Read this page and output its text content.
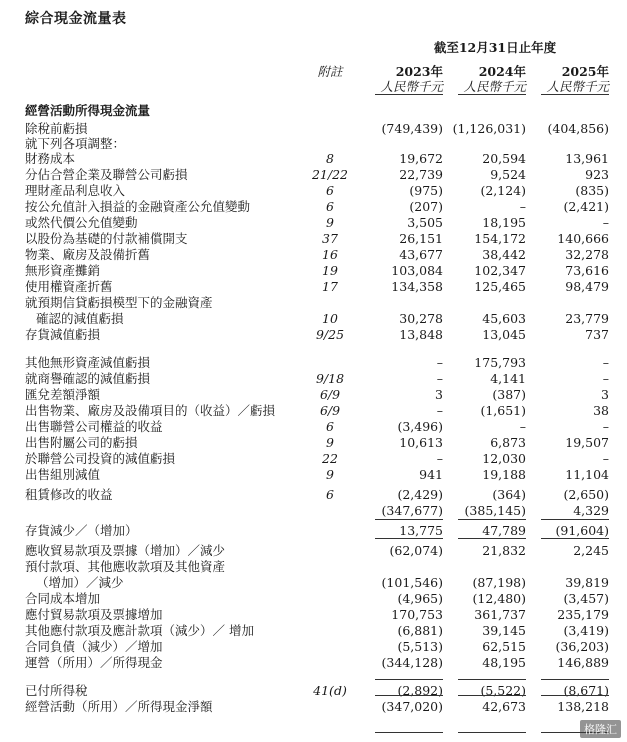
綜合現金流量表
截至12月31日止年度
附註	2023年	2024年	2025年
人民幣千元	人民幣千元	人民幣千元
經營活動所得現金流量
除稅前虧損	(749,439) (1,126,031)	(404,856)
就下列各項調整：
財務成本	8	19,672	20,594	13,961
分佔合營企業及聯營公司虧損	21/22	22,739	9,524	923
理財產品利息收入	6	(975)	(2,124)	(835)
按公允值計入損益的金融資產公允值變動	6	(207)	–	(2,421)
或然代價公允值變動	9	3,505	18,195	–
以股份為基礎的付款補償開支	37	26,151	154,172	140,666
物業、廠房及設備折舊	16	43,677	38,442	32,278
無形資產攤銷	19	103,084	102,347	73,616
使用權資產折舊	17	134,358	125,465	98,479
就預期信貸虧損模型下的金融資產
確認的減值虧損	10	30,278	45,603	23,779
存貨減值虧損	9/25	13,848	13,045	737
其他無形資產減值虧損	–	175,793	–
就商譽確認的減值虧損	9/18	–	4,141	–
匯兌差額淨額	6/9	3	(387)	3
出售物業、廠房及設備項目的（收益）／虧損	6/9	–	(1,651)	38
出售聯營公司權益的收益	6	(3,496)	–	–
出售附屬公司的虧損	9	10,613	6,873	19,507
於聯營公司投資的減值虧損	22	–	12,030	–
出售組別減值	9	941	19,188	11,104
租賃修改的收益	6	(2,429)	(364)	(2,650)
(347,677)	(385,145)	4,329
存貨減少／（增加）	13,775	47,789	(91,604)
應收貿易款項及票據（增加）／減少	(62,074)	21,832	2,245
預付款項、其他應收款項及其他資產
（增加）／減少	(101,546)	(87,198)	39,819
合同成本增加	(4,965)	(12,480)	(3,457)
應付貿易款項及票據增加	170,753	361,737	235,179
其他應付款項及應計款項（減少）／ 增加	(6,881)	39,145	(3,419)
合同負債（減少）／增加	(5,513)	62,515	(36,203)
運營（所用）／所得現金	(344,128)	48,195	146,889
已付所得稅	41(d)	(2,892)	(5,522)	(8,671)
經營活動（所用）／所得現金淨額	(347,020)	42,673	138,218
格隆汇
